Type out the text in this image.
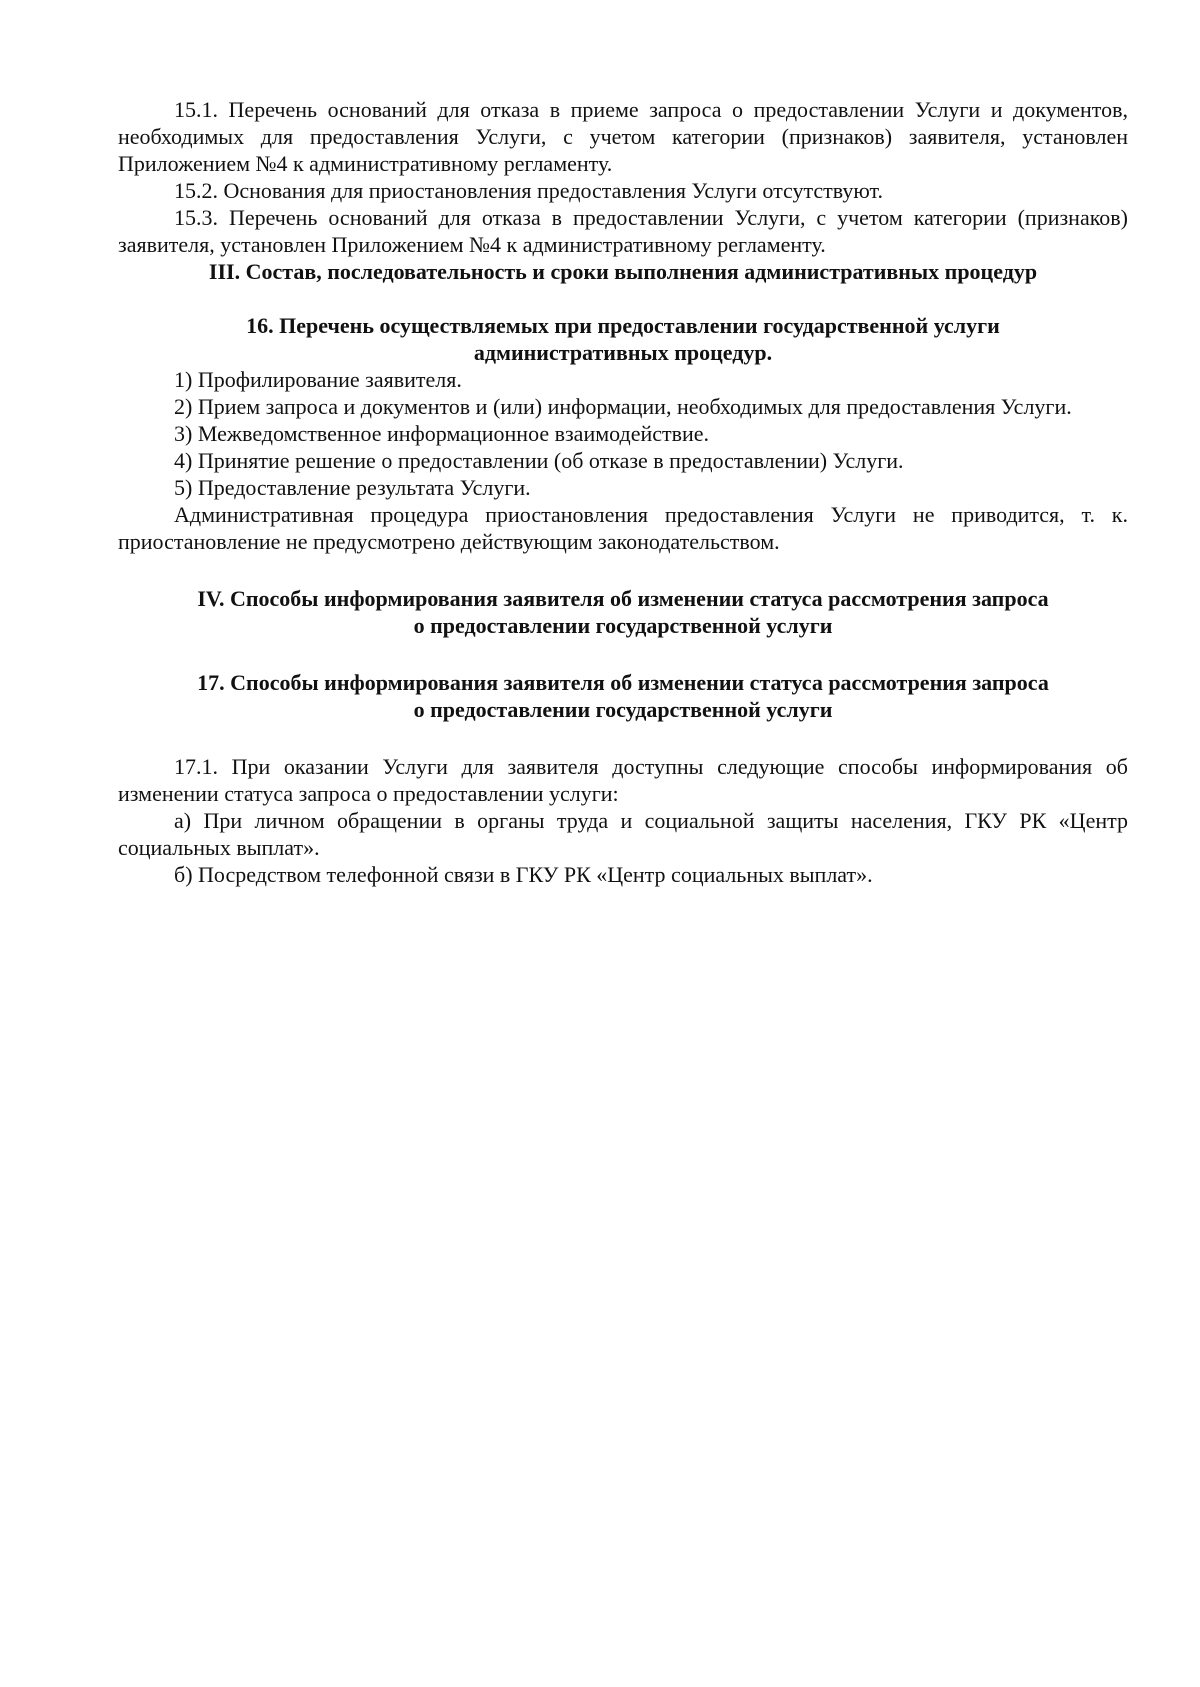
15.1. Перечень оснований для отказа в приеме запроса о предоставлении Услуги и документов, необходимых для предоставления Услуги, с учетом категории (признаков) заявителя, установлен Приложением №4 к административному регламенту.

15.2. Основания для приостановления предоставления Услуги отсутствуют.

15.3. Перечень оснований для отказа в предоставлении Услуги, с учетом категории (признаков) заявителя, установлен Приложением №4 к административному регламенту.

III. Состав, последовательность и сроки выполнения административных процедур

16. Перечень осуществляемых при предоставлении государственной услуги

административных процедур.

1) Профилирование заявителя.

2) Прием запроса и документов и (или) информации, необходимых для предоставления Услуги.

3) Межведомственное информационное взаимодействие.

4) Принятие решение о предоставлении (об отказе в предоставлении) Услуги.

5) Предоставление результата Услуги.

Административная процедура приостановления предоставления Услуги не приводится, т. к. приостановление не предусмотрено действующим законодательством.

IV. Способы информирования заявителя об изменении статуса рассмотрения запроса

о предоставлении государственной услуги

17. Способы информирования заявителя об изменении статуса рассмотрения запроса

о предоставлении государственной услуги

17.1. При оказании Услуги для заявителя доступны следующие способы информирования об изменении статуса запроса о предоставлении услуги:

а) При личном обращении в органы труда и социальной защиты населения, ГКУ РК «Центр социальных выплат».

б) Посредством телефонной связи в ГКУ РК «Центр социальных выплат».
